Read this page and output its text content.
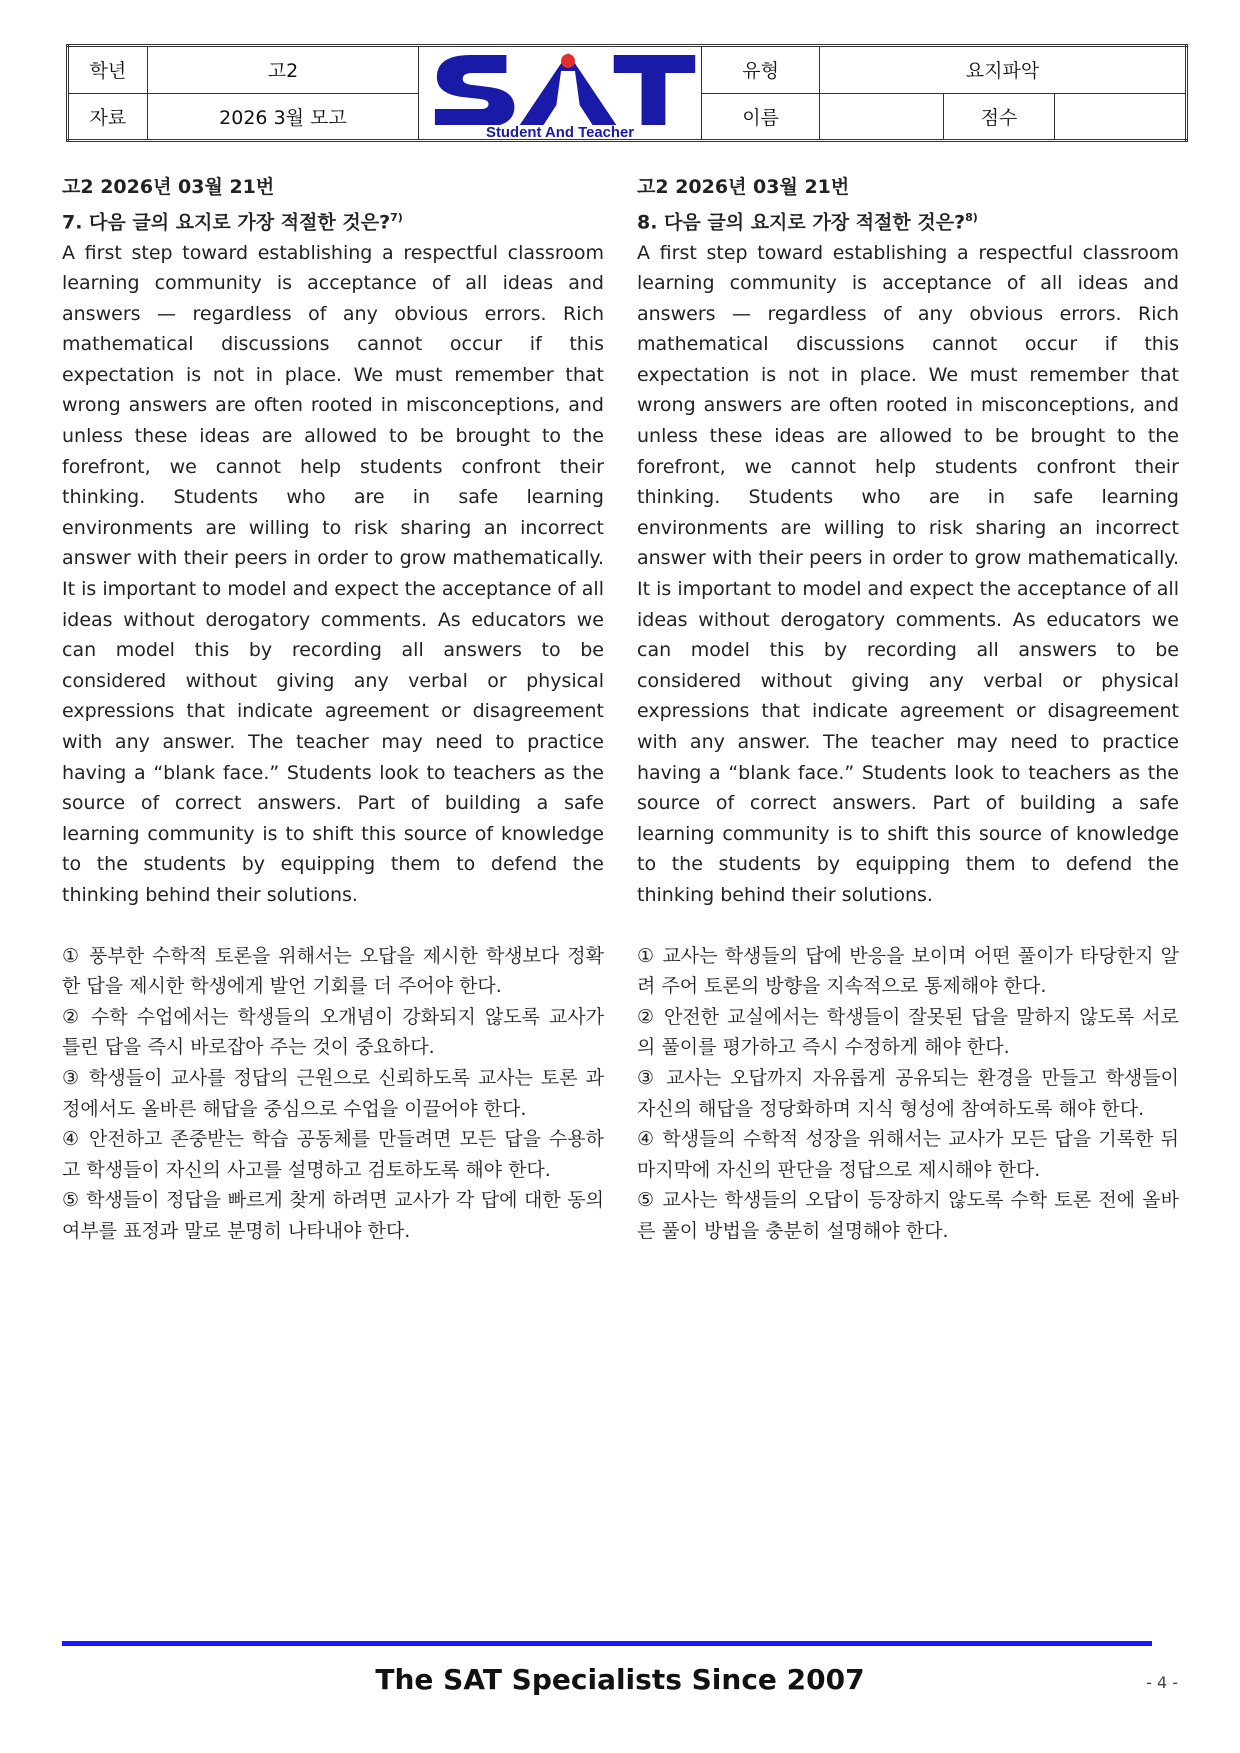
학년	고2	Student And Teacher	유형	요지파악		
자료	2026 3월 모고		이름		점수	

고2 2026년 03월 21번

7. 다음 글의 요지로 가장 적절한 것은?$^{7)}$

A first step toward establishing a respectful classroom learning community is acceptance of all ideas and answers — regardless of any obvious errors. Rich mathematical discussions cannot occur if this expectation is not in place. We must remember that wrong answers are often rooted in misconceptions, and unless these ideas are allowed to be brought to the forefront, we cannot help students confront their thinking. Students who are in safe learning environments are willing to risk sharing an incorrect answer with their peers in order to grow mathematically. It is important to model and expect the acceptance of all ideas without derogatory comments. As educators we can model this by recording all answers to be considered without giving any verbal or physical expressions that indicate agreement or disagreement with any answer. The teacher may need to practice having a “blank face.” Students look to teachers as the source of correct answers. Part of building a safe learning community is to shift this source of knowledge to the students by equipping them to defend the thinking behind their solutions.

① 풍부한 수학적 토론을 위해서는 오답을 제시한 학생보다 정확한 답을 제시한 학생에게 발언 기회를 더 주어야 한다.

② 수학 수업에서는 학생들의 오개념이 강화되지 않도록 교사가 틀린 답을 즉시 바로잡아 주는 것이 중요하다.

③ 학생들이 교사를 정답의 근원으로 신뢰하도록 교사는 토론 과정에서도 올바른 해답을 중심으로 수업을 이끌어야 한다.

④ 안전하고 존중받는 학습 공동체를 만들려면 모든 답을 수용하고 학생들이 자신의 사고를 설명하고 검토하도록 해야 한다.

⑤ 학생들이 정답을 빠르게 찾게 하려면 교사가 각 답에 대한 동의 여부를 표정과 말로 분명히 나타내야 한다.

고2 2026년 03월 21번

8. 다음 글의 요지로 가장 적절한 것은?$^{8)}$

A first step toward establishing a respectful classroom learning community is acceptance of all ideas and answers — regardless of any obvious errors. Rich mathematical discussions cannot occur if this expectation is not in place. We must remember that wrong answers are often rooted in misconceptions, and unless these ideas are allowed to be brought to the forefront, we cannot help students confront their thinking. Students who are in safe learning environments are willing to risk sharing an incorrect answer with their peers in order to grow mathematically. It is important to model and expect the acceptance of all ideas without derogatory comments. As educators we can model this by recording all answers to be considered without giving any verbal or physical expressions that indicate agreement or disagreement with any answer. The teacher may need to practice having a “blank face.” Students look to teachers as the source of correct answers. Part of building a safe learning community is to shift this source of knowledge to the students by equipping them to defend the thinking behind their solutions.

① 교사는 학생들의 답에 반응을 보이며 어떤 풀이가 타당한지 알려 주어 토론의 방향을 지속적으로 통제해야 한다.

② 안전한 교실에서는 학생들이 잘못된 답을 말하지 않도록 서로의 풀이를 평가하고 즉시 수정하게 해야 한다.

③ 교사는 오답까지 자유롭게 공유되는 환경을 만들고 학생들이 자신의 해답을 정당화하며 지식 형성에 참여하도록 해야 한다.

④ 학생들의 수학적 성장을 위해서는 교사가 모든 답을 기록한 뒤 마지막에 자신의 판단을 정답으로 제시해야 한다.

⑤ 교사는 학생들의 오답이 등장하지 않도록 수학 토론 전에 올바른 풀이 방법을 충분히 설명해야 한다.

The SAT Specialists Since 2007	- 4 -
